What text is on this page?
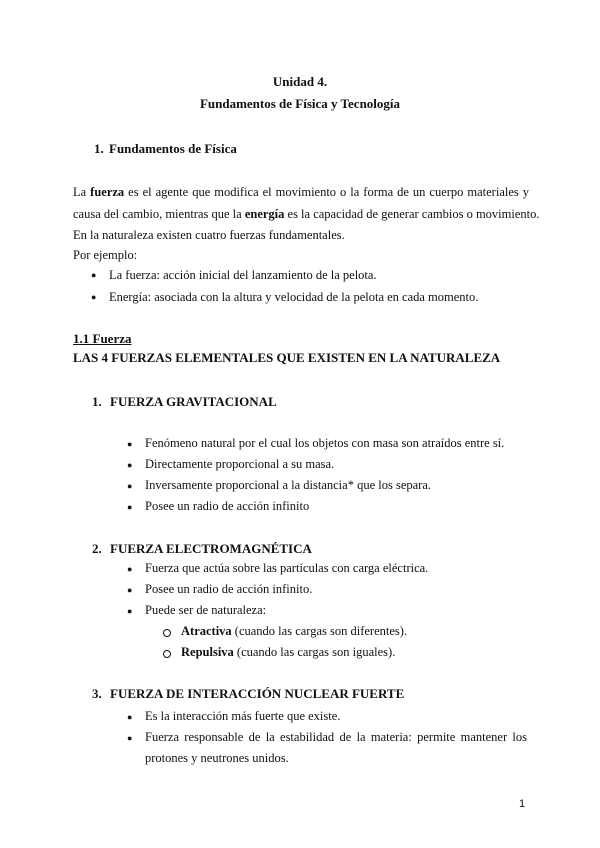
Unidad 4.
Fundamentos de Física y Tecnología
1. Fundamentos de Física
La fuerza es el agente que modifica el movimiento o la forma de un cuerpo materiales y
causa del cambio, mientras que la energía es la capacidad de generar cambios o movimiento.
En la naturaleza existen cuatro fuerzas fundamentales.
Por ejemplo:
● La fuerza: acción inicial del lanzamiento de la pelota.
● Energía: asociada con la altura y velocidad de la pelota en cada momento.
1.1 Fuerza
LAS 4 FUERZAS ELEMENTALES QUE EXISTEN EN LA NATURALEZA
1. FUERZA GRAVITACIONAL
● Fenómeno natural por el cual los objetos con masa son atraídos entre sí.
● Directamente proporcional a su masa.
● Inversamente proporcional a la distancia* que los separa.
● Posee un radio de acción infinito
2. FUERZA ELECTROMAGNÉTICA
● Fuerza que actúa sobre las partículas con carga eléctrica.
● Posee un radio de acción infinito.
● Puede ser de naturaleza:
Atractiva (cuando las cargas son diferentes).
Repulsiva (cuando las cargas son iguales).
3. FUERZA DE INTERACCIÓN NUCLEAR FUERTE
● Es la interacción más fuerte que existe.
● Fuerza responsable de la estabilidad de la materia: permite mantener los
protones y neutrones unidos.
1
